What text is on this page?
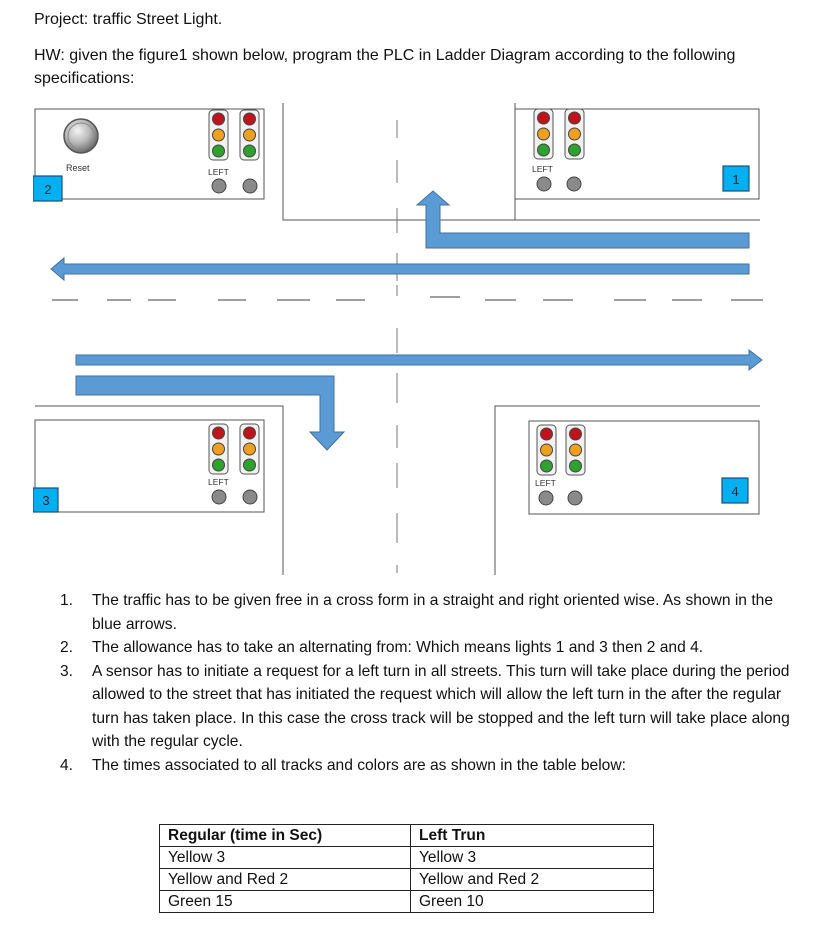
Project: traffic Street Light.
HW: given the figure1 shown below, program the PLC in Ladder Diagram according to the following
specifications:
Reset	LEFT	LEFT
LEFT	LEFT
1
2
3
4
1. The traffic has to be given free in a cross form in a straight and right oriented wise. As shown in the blue arrows.
2. The allowance has to take an alternating from: Which means lights 1 and 3 then 2 and 4.
3. A sensor has to initiate a request for a left turn in all streets. This turn will take place during the period allowed to the street that has initiated the request which will allow the left turn in the after the regular turn has taken place. In this case the cross track will be stopped and the left turn will take place along with the regular cycle.
4. The times associated to all tracks and colors are as shown in the table below:
Regular (time in Sec)	Left Trun
Yellow 3	Yellow 3
Yellow and Red 2	Yellow and Red 2
Green 15	Green 10
